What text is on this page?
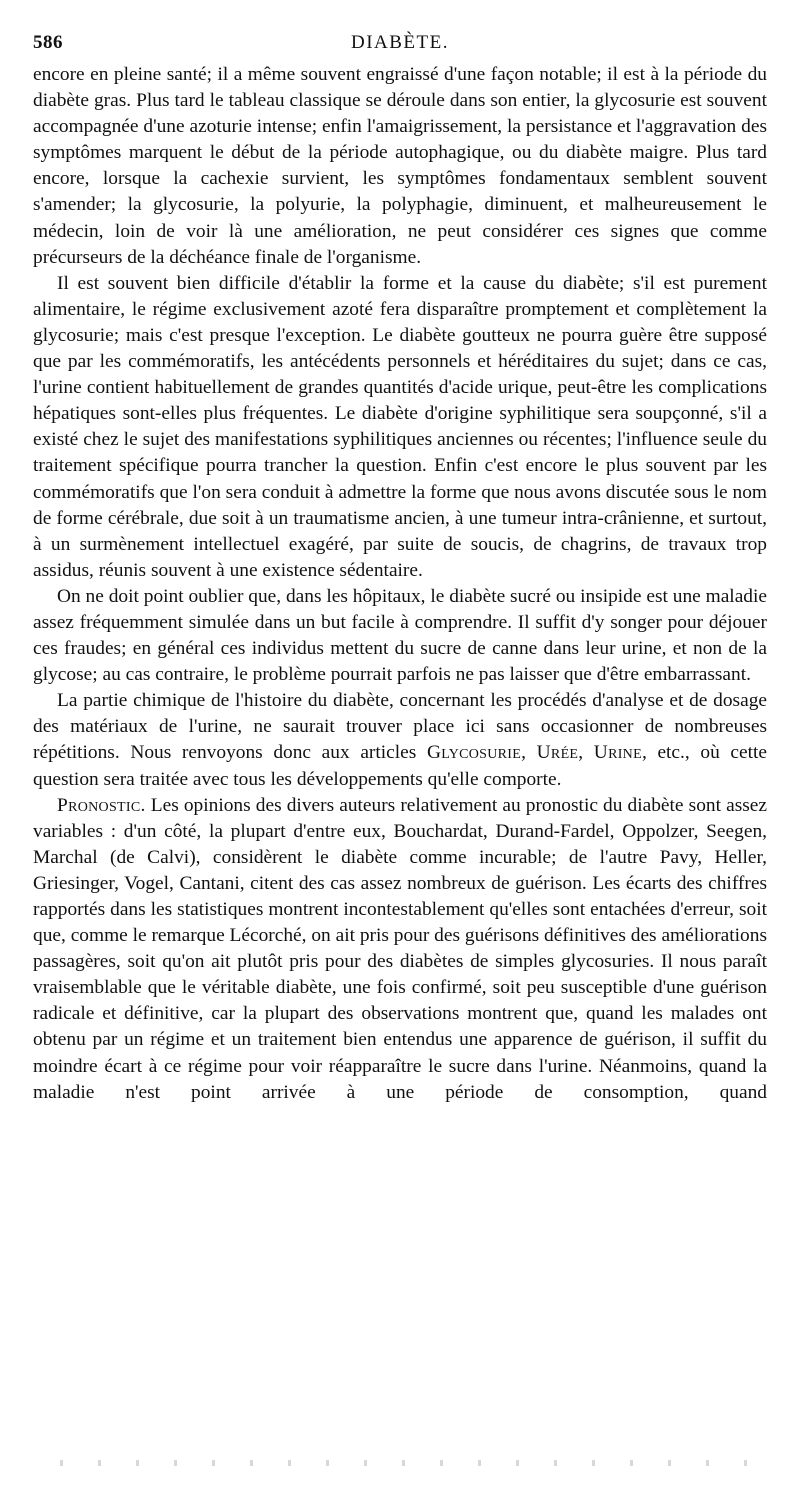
586	DIABÈTE.

encore en pleine santé; il a même souvent engraissé d'une façon notable; il est à la période du diabète gras. Plus tard le tableau classique se déroule dans son entier, la glycosurie est souvent accompagnée d'une azoturie intense; enfin l'amaigrissement, la persistance et l'aggravation des symptômes marquent le début de la période autophagique, ou du diabète maigre. Plus tard encore, lorsque la cachexie survient, les symptômes fondamentaux semblent souvent s'amender; la glycosurie, la polyurie, la polyphagie, diminuent, et malheureusement le médecin, loin de voir là une amélioration, ne peut considérer ces signes que comme précurseurs de la déchéance finale de l'organisme.

Il est souvent bien difficile d'établir la forme et la cause du diabète; s'il est purement alimentaire, le régime exclusivement azoté fera disparaître promptement et complètement la glycosurie; mais c'est presque l'exception. Le diabète goutteux ne pourra guère être supposé que par les commémoratifs, les antécédents personnels et héréditaires du sujet; dans ce cas, l'urine contient habituellement de grandes quantités d'acide urique, peut-être les complications hépatiques sont-elles plus fréquentes. Le diabète d'origine syphilitique sera soupçonné, s'il a existé chez le sujet des manifestations syphilitiques anciennes ou récentes; l'influence seule du traitement spécifique pourra trancher la question. Enfin c'est encore le plus souvent par les commémoratifs que l'on sera conduit à admettre la forme que nous avons discutée sous le nom de forme cérébrale, due soit à un traumatisme ancien, à une tumeur intra-crânienne, et surtout, à un surmènement intellectuel exagéré, par suite de soucis, de chagrins, de travaux trop assidus, réunis souvent à une existence sédentaire.

On ne doit point oublier que, dans les hôpitaux, le diabète sucré ou insipide est une maladie assez fréquemment simulée dans un but facile à comprendre. Il suffit d'y songer pour déjouer ces fraudes; en général ces individus mettent du sucre de canne dans leur urine, et non de la glycose; au cas contraire, le problème pourrait parfois ne pas laisser que d'être embarrassant.

La partie chimique de l'histoire du diabète, concernant les procédés d'analyse et de dosage des matériaux de l'urine, ne saurait trouver place ici sans occasionner de nombreuses répétitions. Nous renvoyons donc aux articles Glycosurie, Urée, Urine, etc., où cette question sera traitée avec tous les développements qu'elle comporte.

Pronostic. Les opinions des divers auteurs relativement au pronostic du diabète sont assez variables : d'un côté, la plupart d'entre eux, Bouchardat, Durand-Fardel, Oppolzer, Seegen, Marchal (de Calvi), considèrent le diabète comme incurable; de l'autre Pavy, Heller, Griesinger, Vogel, Cantani, citent des cas assez nombreux de guérison. Les écarts des chiffres rapportés dans les statistiques montrent incontestablement qu'elles sont entachées d'erreur, soit que, comme le remarque Lécorché, on ait pris pour des guérisons définitives des améliorations passagères, soit qu'on ait plutôt pris pour des diabètes de simples glycosuries. Il nous paraît vraisemblable que le véritable diabète, une fois confirmé, soit peu susceptible d'une guérison radicale et définitive, car la plupart des observations montrent que, quand les malades ont obtenu par un régime et un traitement bien entendus une apparence de guérison, il suffit du moindre écart à ce régime pour voir réapparaître le sucre dans l'urine. Néanmoins, quand la maladie n'est point arrivée à une période de consomption, quand
